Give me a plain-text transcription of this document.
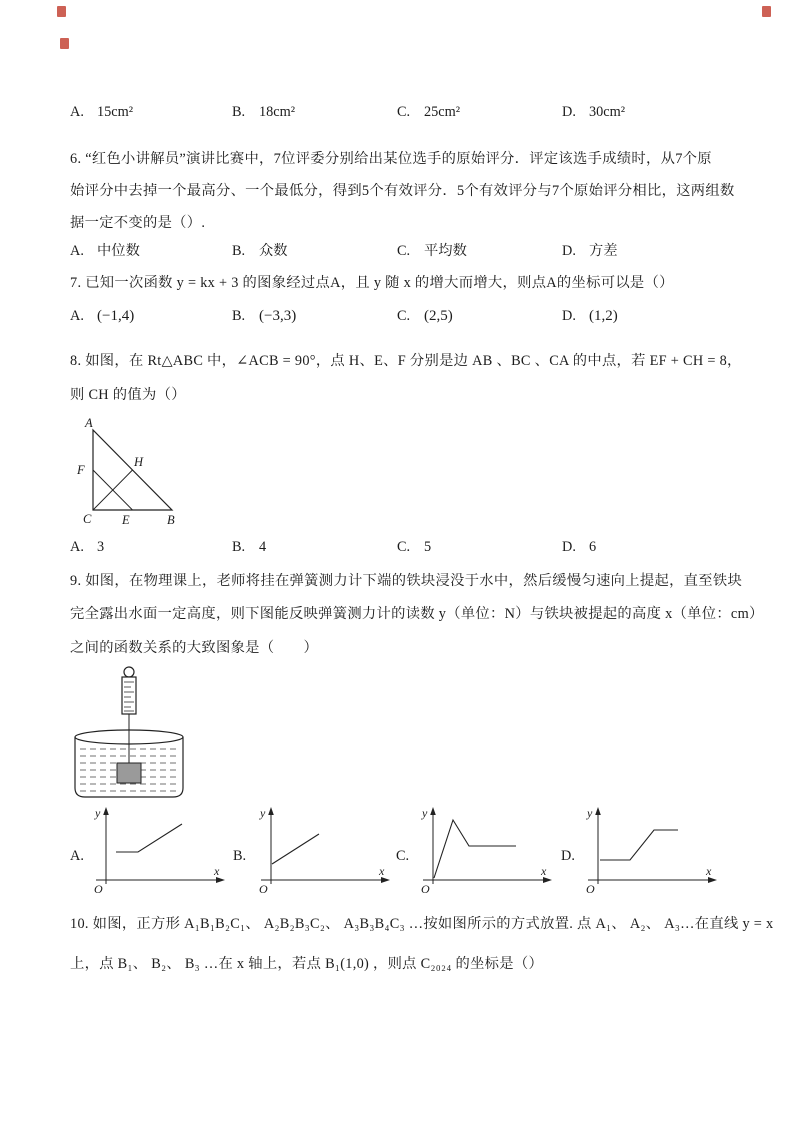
A. 15cm²	B. 18cm²	C. 25cm²	D. 30cm²
6. “红色小讲解员”演讲比赛中，7位评委分别给出某位选手的原始评分．评定该选手成绩时，从7个原
始评分中去掉一个最高分、一个最低分，得到5个有效评分．5个有效评分与7个原始评分相比，这两组数
据一定不变的是（）.
A. 中位数	B. 众数	C. 平均数	D. 方差
7. 已知一次函数 y = kx + 3 的图象经过点A，且 y 随 x 的增大而增大，则点A的坐标可以是（）
A. (−1,4)	B. (−3,3)	C. (2,5)	D. (1,2)
8. 如图，在 Rt△ABC 中，∠ACB = 90°，点 H、E、F 分别是边 AB 、BC 、CA 的中点，若 EF + CH = 8，
则 CH 的值为（）
A
F
H
C E	B
A. 3	B. 4	C. 5	D. 6
9. 如图，在物理课上，老师将挂在弹簧测力计下端的铁块浸没于水中，然后缓慢匀速向上提起，直至铁块
完全露出水面一定高度，则下图能反映弹簧测力计的读数 y（单位：N）与铁块被提起的高度 x（单位：cm）
之间的函数关系的大致图象是（　　）
A.	B.	C.	D.
y
x
O
y
x
O
y
x
O
y
x
O
10. 如图，正方形 A₁B₁B₂C₁、 A₂B₂B₃C₂、 A₃B₃B₄C₃ …按如图所示的方式放置. 点 A₁、 A₂、 A₃…在直线 y = x
上，点 B₁、 B₂、 B₃ …在 x 轴上，若点 B₁(1,0) ，则点 C₂₀₂₄ 的坐标是（）
